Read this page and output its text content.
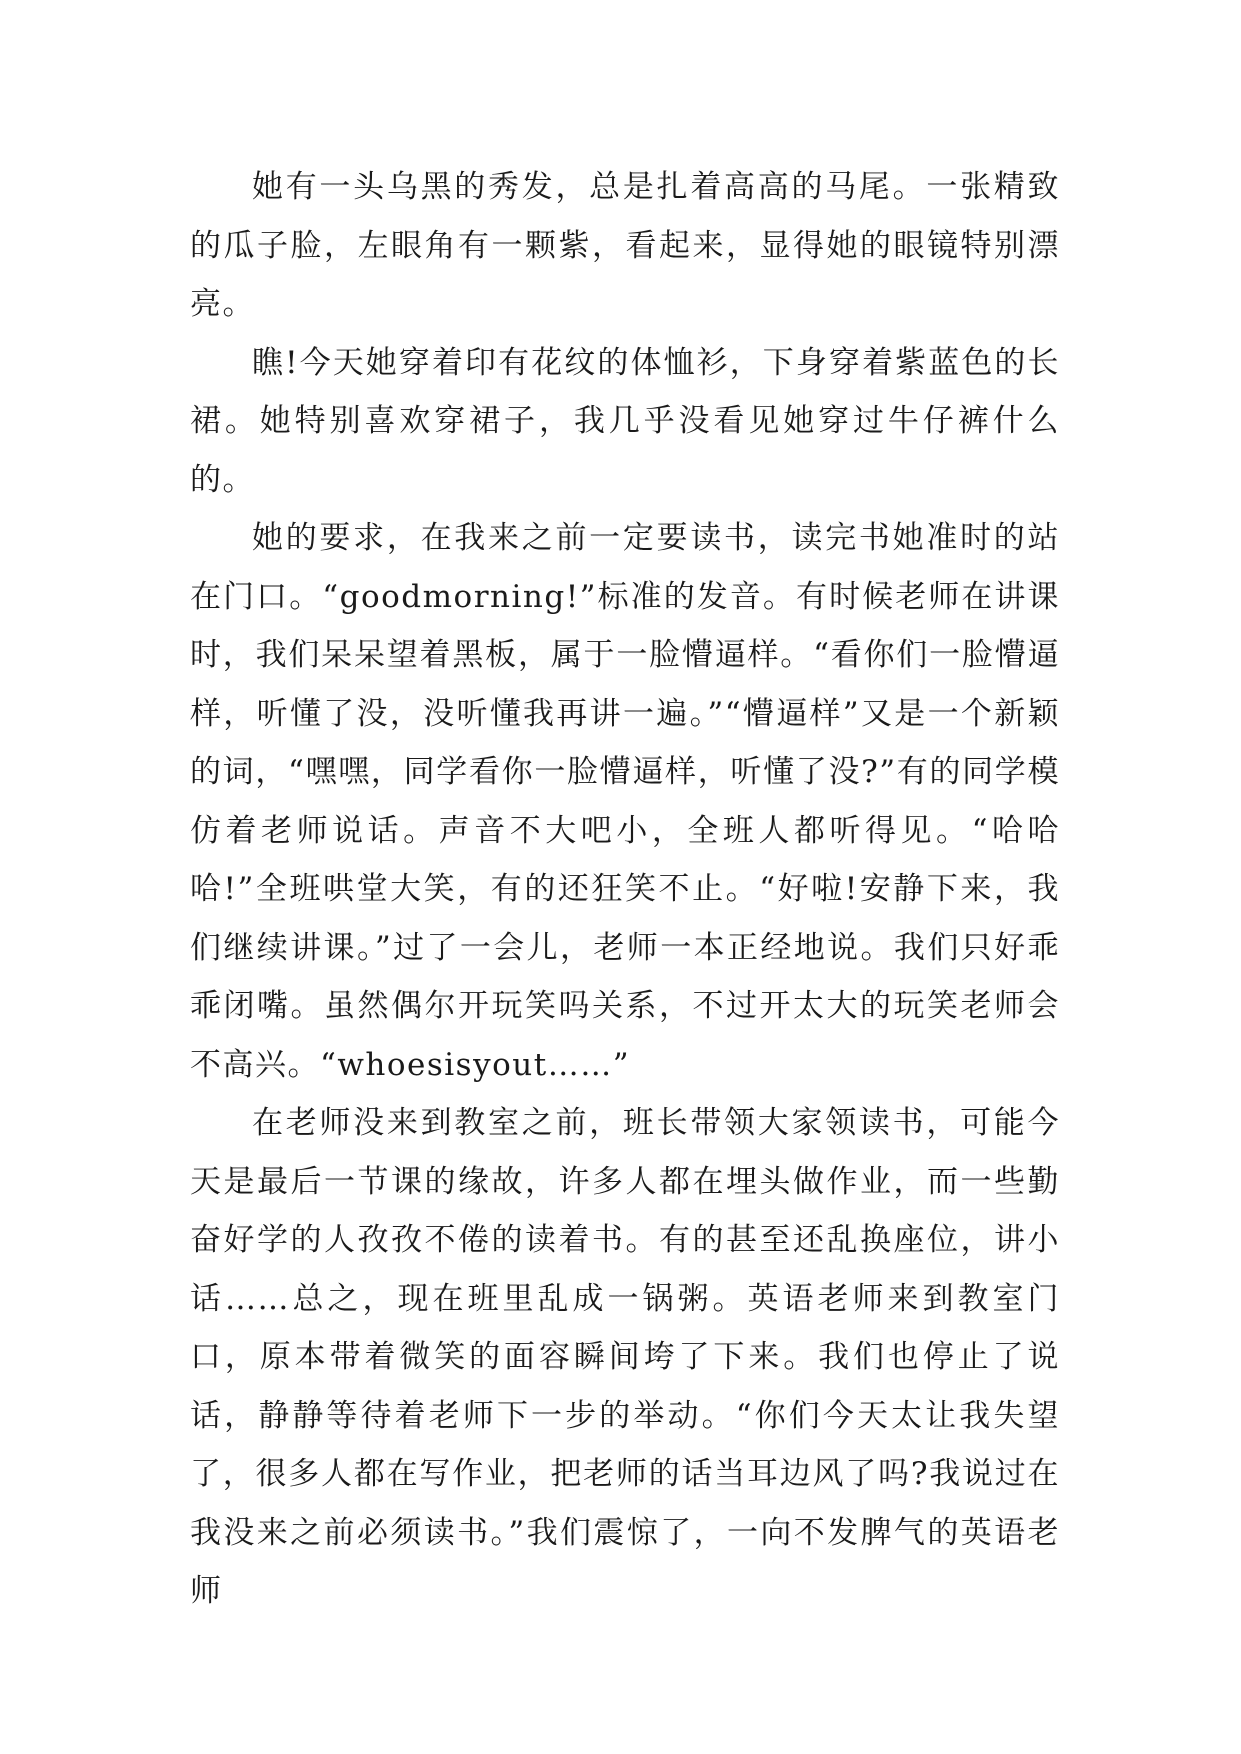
她有一头乌黑的秀发，总是扎着高高的马尾。一张精致的瓜子脸，左眼角有一颗紫，看起来，显得她的眼镜特别漂亮。

瞧!今天她穿着印有花纹的体恤衫，下身穿着紫蓝色的长裙。她特别喜欢穿裙子，我几乎没看见她穿过牛仔裤什么的。

她的要求，在我来之前一定要读书，读完书她准时的站在门口。“goodmorning!”标准的发音。有时候老师在讲课时，我们呆呆望着黑板，属于一脸懵逼样。“看你们一脸懵逼样，听懂了没，没听懂我再讲一遍。”“懵逼样”又是一个新颖的词，“嘿嘿，同学看你一脸懵逼样，听懂了没?”有的同学模仿着老师说话。声音不大吧小，全班人都听得见。“哈哈哈!”全班哄堂大笑，有的还狂笑不止。“好啦!安静下来，我们继续讲课。”过了一会儿，老师一本正经地说。我们只好乖乖闭嘴。虽然偶尔开玩笑吗关系，不过开太大的玩笑老师会不高兴。“whoesisyout……”

在老师没来到教室之前，班长带领大家领读书，可能今天是最后一节课的缘故，许多人都在埋头做作业，而一些勤奋好学的人孜孜不倦的读着书。有的甚至还乱换座位，讲小话……总之，现在班里乱成一锅粥。英语老师来到教室门口，原本带着微笑的面容瞬间垮了下来。我们也停止了说话，静静等待着老师下一步的举动。“你们今天太让我失望了，很多人都在写作业，把老师的话当耳边风了吗?我说过在我没来之前必须读书。”我们震惊了，一向不发脾气的英语老师
